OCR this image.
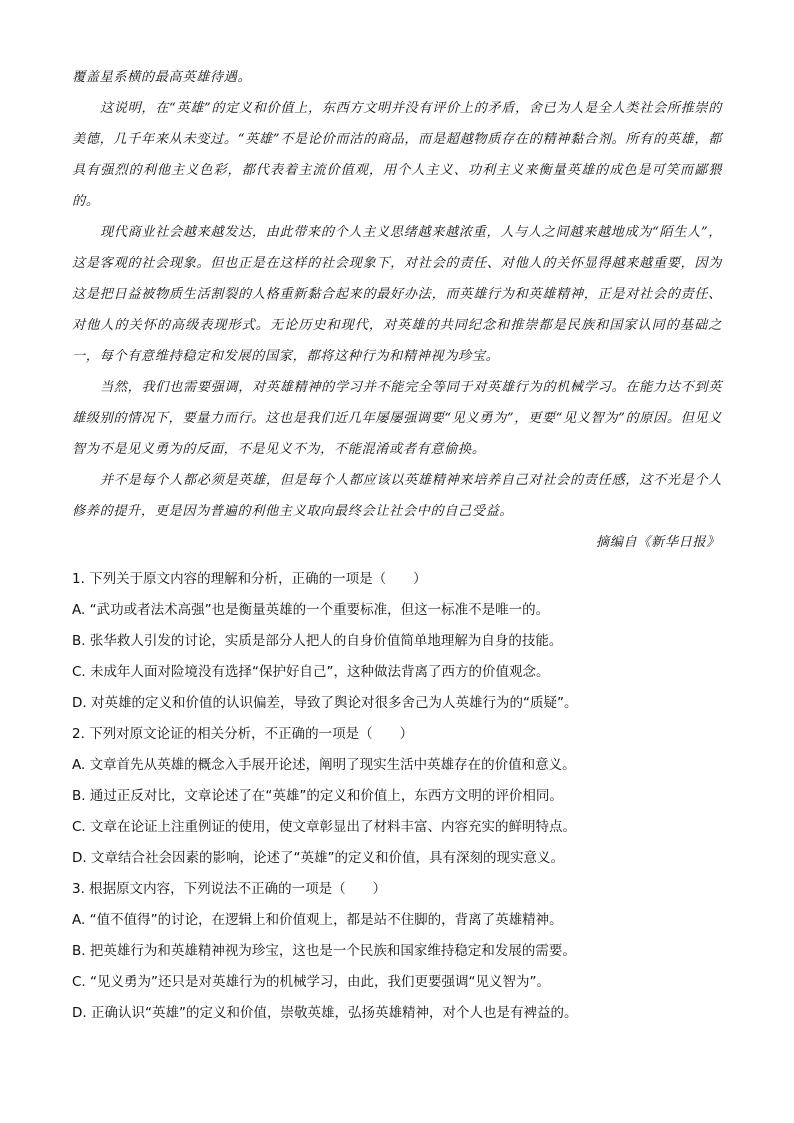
覆盖星系横的最高英雄待遇。

这说明，在“英雄”的定义和价值上，东西方文明并没有评价上的矛盾，舍已为人是全人类社会所推崇的美德，几千年来从未变过。“英雄”不是论价而沽的商品，而是超越物质存在的精神黏合剂。所有的英雄，都具有强烈的利他主义色彩，都代表着主流价值观，用个人主义、功利主义来衡量英雄的成色是可笑而鄙猥的。

现代商业社会越来越发达，由此带来的个人主义思绪越来越浓重，人与人之间越来越地成为“陌生人”，这是客观的社会现象。但也正是在这样的社会现象下，对社会的责任、对他人的关怀显得越来越重要，因为这是把日益被物质生活割裂的人格重新黏合起来的最好办法，而英雄行为和英雄精神，正是对社会的责任、对他人的关怀的高级表现形式。无论历史和现代，对英雄的共同纪念和推崇都是民族和国家认同的基础之一，每个有意维持稳定和发展的国家，都将这种行为和精神视为珍宝。

当然，我们也需要强调，对英雄精神的学习并不能完全等同于对英雄行为的机械学习。在能力达不到英雄级别的情况下，要量力而行。这也是我们近几年屡屡强调要“见义勇为”，更要“见义智为”的原因。但见义智为不是见义勇为的反面，不是见义不为，不能混淆或者有意偷换。

并不是每个人都必须是英雄，但是每个人都应该以英雄精神来培养自己对社会的责任感，这不光是个人修养的提升，更是因为普遍的利他主义取向最终会让社会中的自己受益。

摘编自《新华日报》

1. 下列关于原文内容的理解和分析，正确的一项是（　　）

A. “武功或者法术高强”也是衡量英雄的一个重要标准，但这一标准不是唯一的。

B. 张华救人引发的讨论，实质是部分人把人的自身价值简单地理解为自身的技能。

C. 未成年人面对险境没有选择“保护好自己”，这种做法背离了西方的价值观念。

D. 对英雄的定义和价值的认识偏差，导致了舆论对很多舍己为人英雄行为的“质疑”。

2. 下列对原文论证的相关分析，不正确的一项是（　　）

A. 文章首先从英雄的概念入手展开论述，阐明了现实生活中英雄存在的价值和意义。

B. 通过正反对比，文章论述了在“英雄”的定义和价值上，东西方文明的评价相同。

C. 文章在论证上注重例证的使用，使文章彰显出了材料丰富、内容充实的鲜明特点。

D. 文章结合社会因素的影响，论述了“英雄”的定义和价值，具有深刻的现实意义。

3. 根据原文内容，下列说法不正确的一项是（　　）

A. “值不值得”的讨论，在逻辑上和价值观上，都是站不住脚的，背离了英雄精神。

B. 把英雄行为和英雄精神视为珍宝，这也是一个民族和国家维持稳定和发展的需要。

C. “见义勇为”还只是对英雄行为的机械学习，由此，我们更要强调“见义智为”。

D. 正确认识“英雄”的定义和价值，崇敬英雄，弘扬英雄精神，对个人也是有裨益的。
